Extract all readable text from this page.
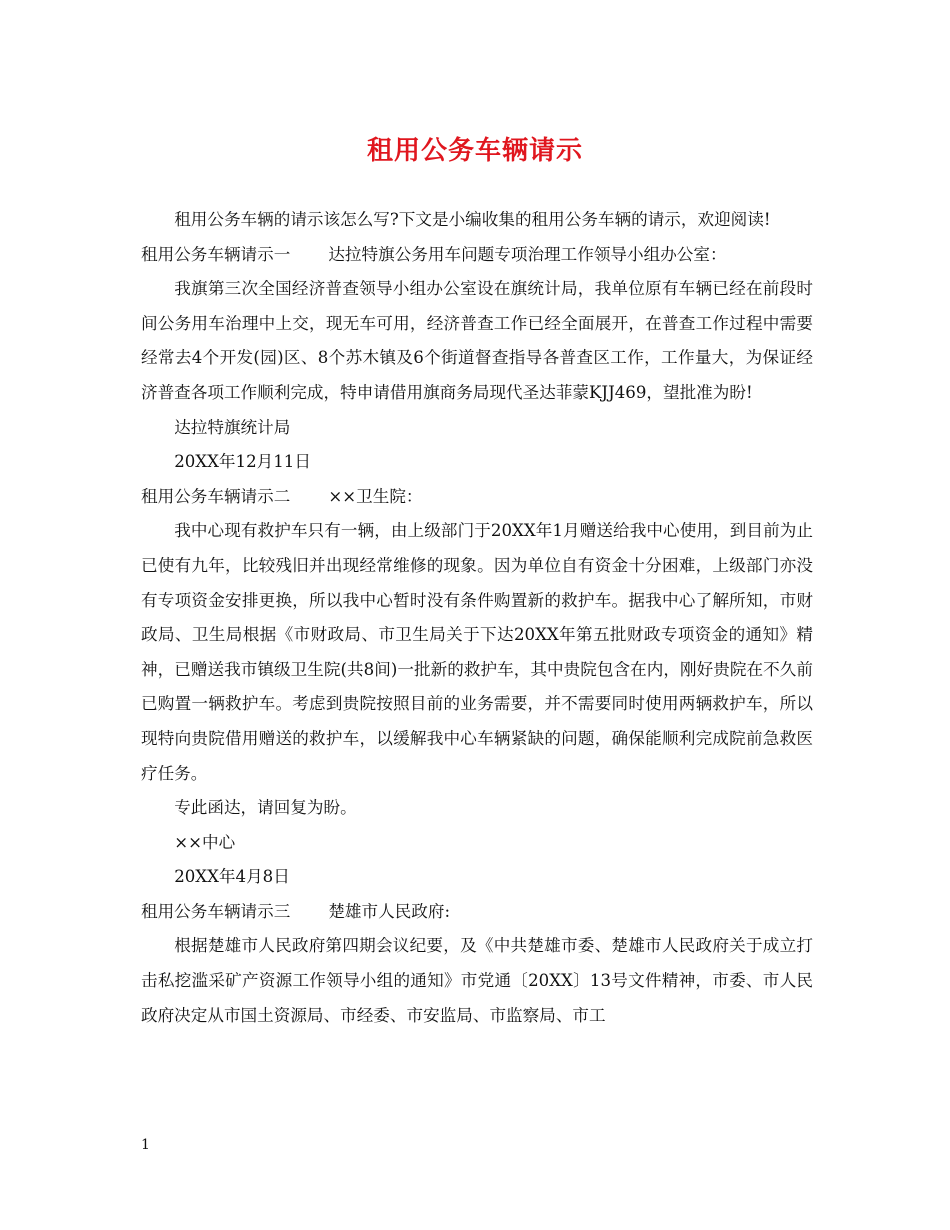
租用公务车辆请示

租用公务车辆的请示该怎么写?下文是小编收集的租用公务车辆的请示，欢迎阅读!

租用公务车辆请示一 达拉特旗公务用车问题专项治理工作领导小组办公室：

我旗第三次全国经济普查领导小组办公室设在旗统计局，我单位原有车辆已经在前段时间公务用车治理中上交，现无车可用，经济普查工作已经全面展开，在普查工作过程中需要经常去4个开发(园)区、8个苏木镇及6个街道督查指导各普查区工作，工作量大，为保证经济普查各项工作顺利完成，特申请借用旗商务局现代圣达菲蒙KJJ469，望批准为盼!

达拉特旗统计局

20XX年12月11日

租用公务车辆请示二 ××卫生院：

我中心现有救护车只有一辆，由上级部门于20XX年1月赠送给我中心使用，到目前为止已使有九年，比较残旧并出现经常维修的现象。因为单位自有资金十分困难，上级部门亦没有专项资金安排更换，所以我中心暂时没有条件购置新的救护车。据我中心了解所知，市财政局、卫生局根据《市财政局、市卫生局关于下达20XX年第五批财政专项资金的通知》精神，已赠送我市镇级卫生院(共8间)一批新的救护车，其中贵院包含在内，刚好贵院在不久前已购置一辆救护车。考虑到贵院按照目前的业务需要，并不需要同时使用两辆救护车，所以现特向贵院借用赠送的救护车，以缓解我中心车辆紧缺的问题，确保能顺利完成院前急救医疗任务。

专此函达，请回复为盼。

××中心

20XX年4月8日

租用公务车辆请示三 楚雄市人民政府:

根据楚雄市人民政府第四期会议纪要，及《中共楚雄市委、楚雄市人民政府关于成立打击私挖滥采矿产资源工作领导小组的通知》市党通〔20XX〕13号文件精神，市委、市人民政府决定从市国土资源局、市经委、市安监局、市监察局、市工

1
